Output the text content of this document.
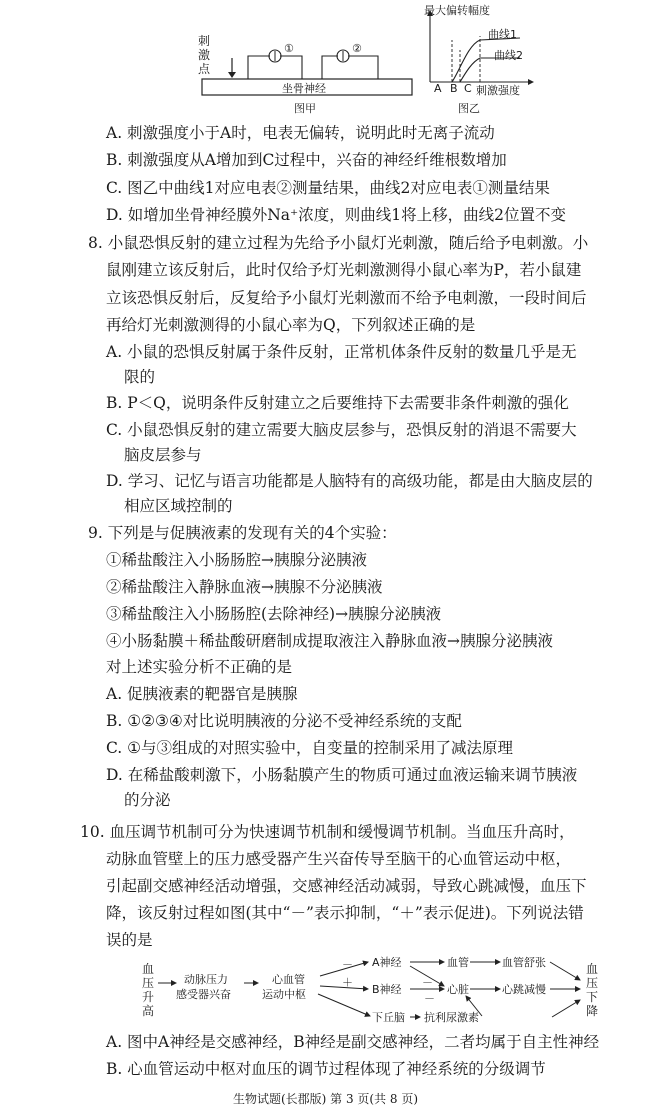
刺激点
①	②
坐骨神经
图甲
最大偏转幅度
曲线1
曲线2
A B C 刺激强度
图乙
A. 刺激强度小于A时，电表无偏转，说明此时无离子流动
B. 刺激强度从A增加到C过程中，兴奋的神经纤维根数增加
C. 图乙中曲线1对应电表②测量结果，曲线2对应电表①测量结果
D. 如增加坐骨神经膜外Na⁺浓度，则曲线1将上移，曲线2位置不变
8. 小鼠恐惧反射的建立过程为先给予小鼠灯光刺激，随后给予电刺激。小
鼠刚建立该反射后，此时仅给予灯光刺激测得小鼠心率为P，若小鼠建
立该恐惧反射后，反复给予小鼠灯光刺激而不给予电刺激，一段时间后
再给灯光刺激测得的小鼠心率为Q，下列叙述正确的是
A. 小鼠的恐惧反射属于条件反射，正常机体条件反射的数量几乎是无
限的
B. P＜Q，说明条件反射建立之后要维持下去需要非条件刺激的强化
C. 小鼠恐惧反射的建立需要大脑皮层参与，恐惧反射的消退不需要大
脑皮层参与
D. 学习、记忆与语言功能都是人脑特有的高级功能，都是由大脑皮层的
相应区域控制的
9. 下列是与促胰液素的发现有关的4个实验：
①稀盐酸注入小肠肠腔→胰腺分泌胰液
②稀盐酸注入静脉血液→胰腺不分泌胰液
③稀盐酸注入小肠肠腔(去除神经)→胰腺分泌胰液
④小肠黏膜＋稀盐酸研磨制成提取液注入静脉血液→胰腺分泌胰液
对上述实验分析不正确的是
A. 促胰液素的靶器官是胰腺
B. ①②③④对比说明胰液的分泌不受神经系统的支配
C. ①与③组成的对照实验中，自变量的控制采用了减法原理
D. 在稀盐酸刺激下，小肠黏膜产生的物质可通过血液运输来调节胰液
的分泌
10. 血压调节机制可分为快速调节机制和缓慢调节机制。当血压升高时，
动脉血管壁上的压力感受器产生兴奋传导至脑干的心血管运动中枢，
引起副交感神经活动增强，交感神经活动减弱，导致心跳减慢，血压下
降，该反射过程如图(其中“－”表示抑制，“＋”表示促进)。下列说法错
误的是
血压升高
动脉压力
感受器兴奋
心血管
运动中枢
－
＋
A神经
B神经
下丘脑
－
－
血管
心脏
抗利尿激素
血管舒张
心跳减慢
血压下降
A. 图中A神经是交感神经，B神经是副交感神经，二者均属于自主性神经
B. 心血管运动中枢对血压的调节过程体现了神经系统的分级调节
生物试题(长郡版) 第 3 页(共 8 页)
